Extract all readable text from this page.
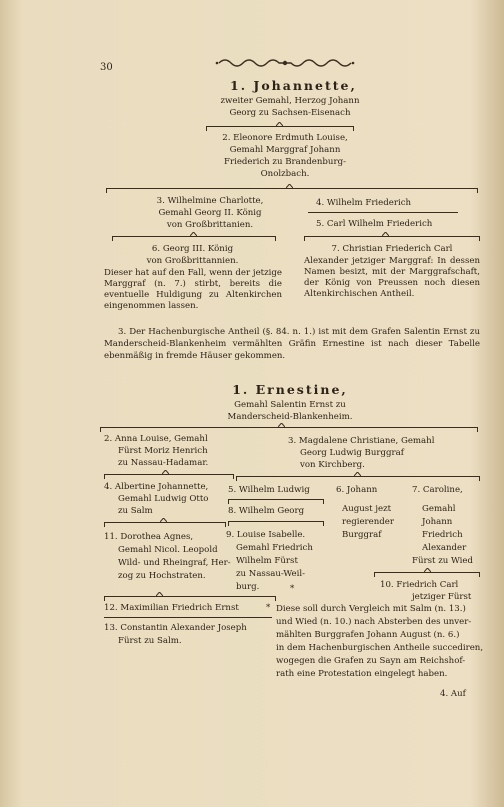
30
1. Johannette,
zweiter Gemahl, Herzog Johann
Georg zu Sachsen-Eisenach
2. Eleonore Erdmuth Louise,
Gemahl Marggraf Johann
Friederich zu Brandenburg-
Onolzbach.
3. Wilhelmine Charlotte,
Gemahl Georg II. König
von Großbrittanien.
4. Wilhelm Friederich
5. Carl Wilhelm Friederich
6. Georg III. König
von Großbrittannien.
Dieser hat auf den Fall, wenn der jetzige Marggraf (n. 7.) stirbt, bereits die eventuelle Huldigung zu Altenkirchen eingenommen lassen.
7. Christian Friederich Carl
Alexander jetziger Marggraf: In dessen Namen besizt, mit der Marggrafschaft, der König von Preussen noch diesen Altenkirchischen Antheil.
3. Der Hachenburgische Antheil (§. 84. n. 1.) ist mit dem Grafen Salentin Ernst zu Manderscheid-Blankenheim vermählten Gräfin Ernestine ist nach dieser Tabelle ebenmäßig in fremde Häuser gekommen.
1. Ernestine,
Gemahl Salentin Ernst zu
Manderscheid-Blankenheim.
2. Anna Louise, Gemahl
Fürst Moriz Henrich
zu Nassau-Hadamar.
3. Magdalene Christiane, Gemahl
Georg Ludwig Burggraf
von Kirchberg.
4. Albertine Johannette,
Gemahl Ludwig Otto
zu Salm
5. Wilhelm Ludwig	6. Johann	7. Caroline,
8. Wilhelm Georg	August jezt
regierender
Burggraf
Gemahl
Johann
Friedrich
Alexander
Fürst zu Wied
11. Dorothea Agnes,
Gemahl Nicol. Leopold
Wild- und Rheingraf, Her-
zog zu Hochstraten.
9. Louise Isabelle.
Gemahl Friedrich
Wilhelm Fürst
zu Nassau-Weil-
burg.	*	10. Friedrich Carl
jetziger Fürst
12. Maximilian Friedrich Ernst
13. Constantin Alexander Joseph
Fürst zu Salm.
* Diese soll durch Vergleich mit Salm (n. 13.)
und Wied (n. 10.) nach Absterben des unver-
mählten Burggrafen Johann August (n. 6.)
in dem Hachenburgischen Antheile succediren,
wogegen die Grafen zu Sayn am Reichshof-
rath eine Protestation eingelegt haben.
4. Auf
